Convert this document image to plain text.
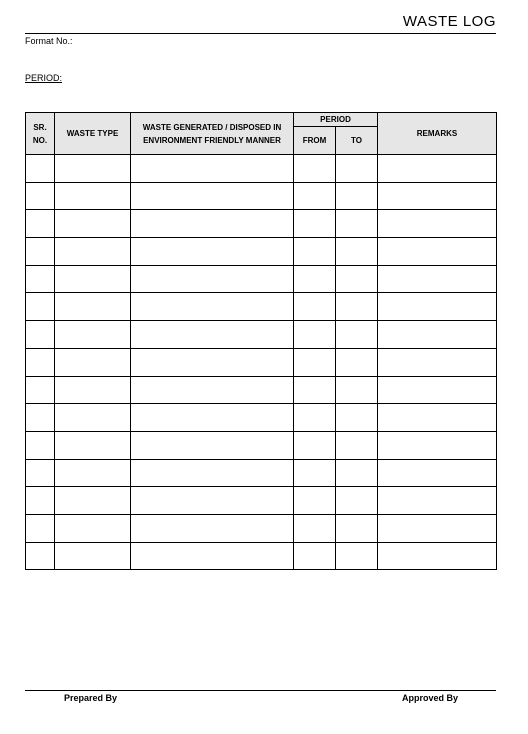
WASTE LOG
Format No.:
PERIOD:
SR. NO.	WASTE TYPE	WASTE GENERATED / DISPOSED IN ENVIRONMENT FRIENDLY MANNER	PERIOD		REMARKS
			FROM	TO	

Prepared By	Approved By
